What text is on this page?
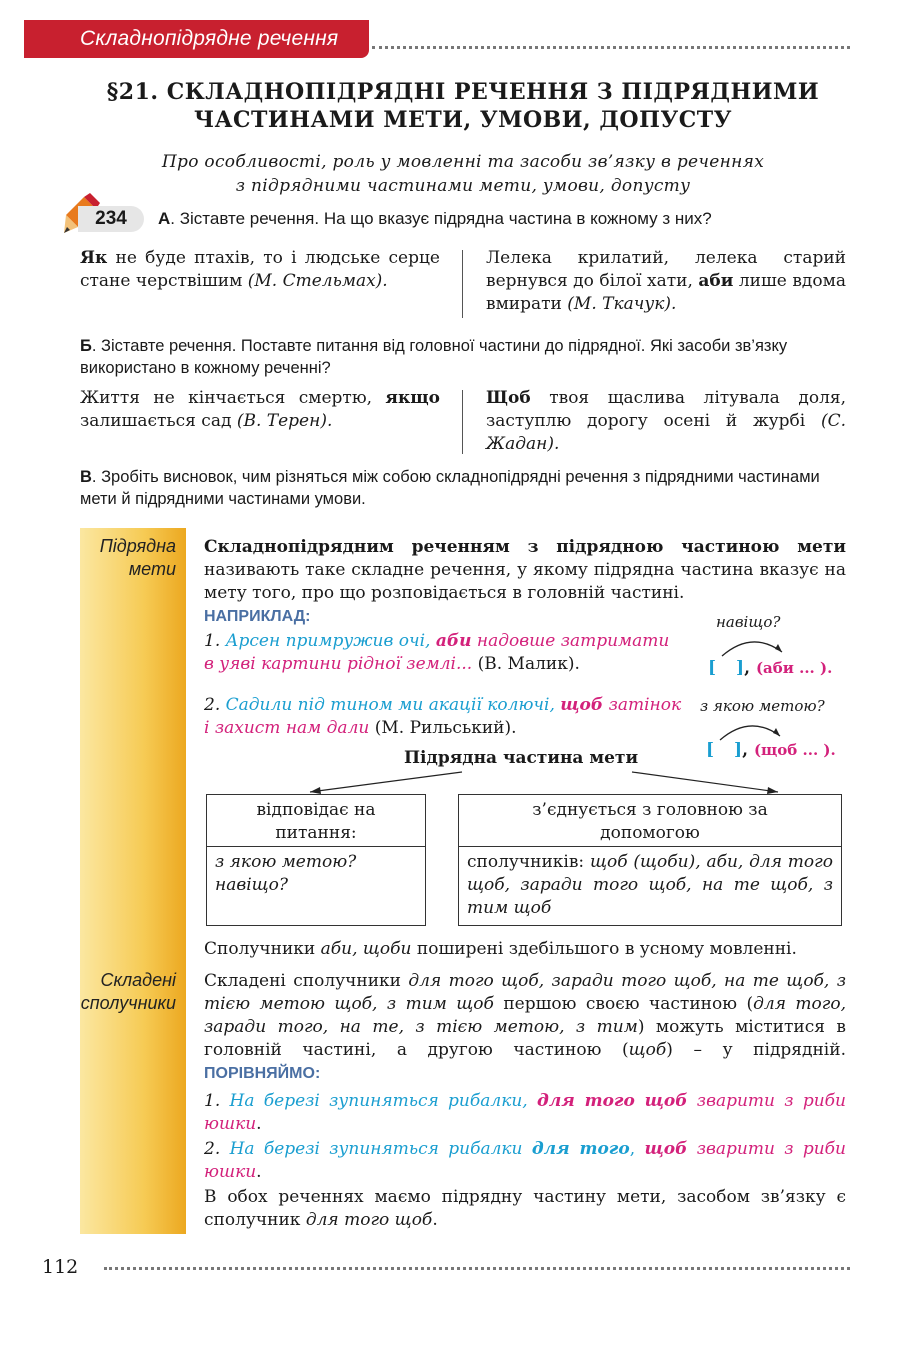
Складнопідрядне речення
§21. СКЛАДНОПІДРЯДНІ РЕЧЕННЯ З ПІДРЯДНИМИ
ЧАСТИНАМИ МЕТИ, УМОВИ, ДОПУСТУ
Про особливості, роль у мовленні та засоби зв’язку в реченнях
з підрядними частинами мети, умови, допусту
234	А. Зіставте речення. На що вказує підрядна частина в кожному з них?
Як не буде птахів, то і людське серце стане черствішим (М. Стельмах).
Лелека крилатий, лелека старий вернувся до білої хати, аби лише вдома вмирати (М. Ткачук).
Б. Зіставте речення. Поставте питання від головної частини до підрядної. Які засоби зв’язку використано в кожному реченні?
Життя не кінчається смертю, якщо залишається сад (В. Терен).
Щоб твоя щаслива літувала доля, заступлю дорогу осені й журбі (С. Жадан).
В. Зробіть висновок, чим різняться між собою складнопідрядні речення з підрядними частинами мети й підрядними частинами умови.
Підрядна мети
Складені сполучники
Складнопідрядним реченням з підрядною частиною мети називають таке складне речення, у якому підрядна частина вказує на мету того, про що розповідається в головній частині.
НАПРИКЛАД:
1. Арсен примружив очі, аби надовше затримати в уяві картини рідної землі... (В. Малик).
2. Садили під тином ми акації колючі, щоб затінок і захист нам дали (М. Рильський).
навіщо?
[ ], (аби ... ).
з якою метою?
[ ], (щоб ... ).
Підрядна частина мети
відповідає на питання:
з якою метою? навіщо?
з’єднується з головною за допомогою
сполучників: щоб (щоби), аби, для того щоб, заради того щоб, на те щоб, з тим щоб
Сполучники аби, щоби поширені здебільшого в усному мовленні.
Складені сполучники для того щоб, заради того щоб, на те щоб, з тією метою щоб, з тим щоб першою своєю частиною (для того, заради того, на те, з тією метою, з тим) можуть міститися в головній частині, а другою частиною (щоб) – у підрядній. ПОРІВНЯЙМО:
1. На березі зупиняться рибалки, для того щоб зварити з риби юшки.
2. На березі зупиняться рибалки для того, щоб зварити з риби юшки.
В обох реченнях маємо підрядну частину мети, засобом зв’язку є сполучник для того щоб.
112
